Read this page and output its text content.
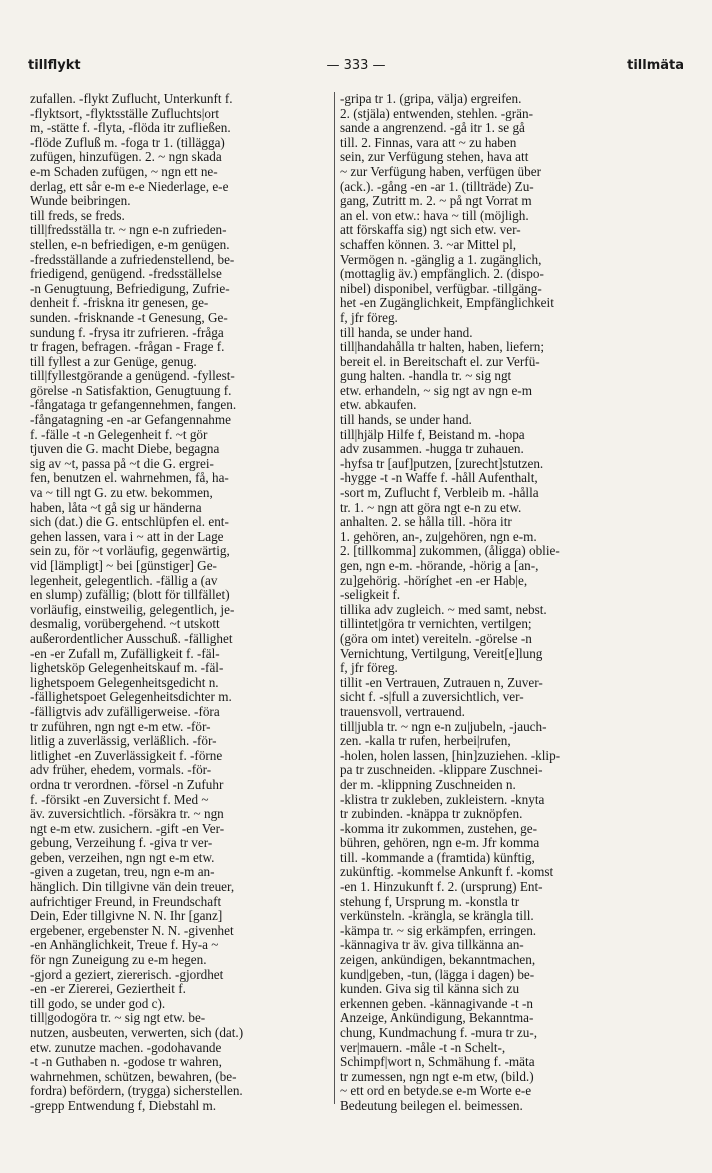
tillflykt	— 333 —	tillmäta
zufallen. -flykt Zuflucht, Unterkunft f.
-flyktsort, -flyktsställe Zufluchts|ort
m, -stätte f. -flyta, -flöda itr zufließen.
-flöde Zufluß m. -foga tr 1. (tillägga)
zufügen, hinzufügen. 2. ~ ngn skada
e-m Schaden zufügen, ~ ngn ett ne-
derlag, ett sår e-m e-e Niederlage, e-e
Wunde beibringen.
till freds, se freds.
till|fredsställa tr. ~ ngn e-n zufrieden-
stellen, e-n befriedigen, e-m genügen.
-fredsställande a zufriedenstellend, be-
friedigend, genügend. -fredsställelse
-n Genugtuung, Befriedigung, Zufrie-
denheit f. -friskna itr genesen, ge-
sunden. -frisknande -t Genesung, Ge-
sundung f. -frysa itr zufrieren. -fråga
tr fragen, befragen. -frågan - Frage f.
till fyllest a zur Genüge, genug.
till|fyllestgörande a genügend. -fyllest-
görelse -n Satisfaktion, Genugtuung f.
-fångataga tr gefangennehmen, fangen.
-fångatagning -en -ar Gefangennahme
f. -fälle -t -n Gelegenheit f. ~t gör
tjuven die G. macht Diebe, begagna
sig av ~t, passa på ~t die G. ergrei-
fen, benutzen el. wahrnehmen, få, ha-
va ~ till ngt G. zu etw. bekommen,
haben, låta ~t gå sig ur händerna
sich (dat.) die G. entschlüpfen el. ent-
gehen lassen, vara i ~ att in der Lage
sein zu, för ~t vorläufig, gegenwärtig,
vid [lämpligt] ~ bei [günstiger] Ge-
legenheit, gelegentlich. -fällig a (av
en slump) zufällig; (blott för tillfället)
vorläufig, einstweilig, gelegentlich, je-
desmalig, vorübergehend. ~t utskott
außerordentlicher Ausschuß. -fällighet
-en -er Zufall m, Zufälligkeit f. -fäl-
lighetsköp Gelegenheitskauf m. -fäl-
lighetspoem Gelegenheitsgedicht n.
-fällighetspoet Gelegenheitsdichter m.
-fälligtvis adv zufälligerweise. -föra
tr zuführen, ngn ngt e-m etw. -för-
litlig a zuverlässig, verläßlich. -för-
litlighet -en Zuverlässigkeit f. -förne
adv früher, ehedem, vormals. -för-
ordna tr verordnen. -försel -n Zufuhr
f. -försikt -en Zuversicht f. Med ~
äv. zuversichtlich. -försäkra tr. ~ ngn
ngt e-m etw. zusichern. -gift -en Ver-
gebung, Verzeihung f. -giva tr ver-
geben, verzeihen, ngn ngt e-m etw.
-given a zugetan, treu, ngn e-m an-
hänglich. Din tillgivne vän dein treuer,
aufrichtiger Freund, in Freundschaft
Dein, Eder tillgivne N. N. Ihr [ganz]
ergebener, ergebenster N. N. -givenhet
-en Anhänglichkeit, Treue f. Hy-a ~
för ngn Zuneigung zu e-m hegen.
-gjord a geziert, ziererisch. -gjordhet
-en -er Ziererei, Geziertheit f.
till godo, se under god c).
till|godogöra tr. ~ sig ngt etw. be-
nutzen, ausbeuten, verwerten, sich (dat.)
etw. zunutze machen. -godohavande
-t -n Guthaben n. -godose tr wahren,
wahrnehmen, schützen, bewahren, (be-
fordra) befördern, (trygga) sicherstellen.
-grepp Entwendung f, Diebstahl m.
-gripa tr 1. (gripa, välja) ergreifen.
2. (stjäla) entwenden, stehlen. -grän-
sande a angrenzend. -gå itr 1. se gå
till. 2. Finnas, vara att ~ zu haben
sein, zur Verfügung stehen, hava att
~ zur Verfügung haben, verfügen über
(ack.). -gång -en -ar 1. (tillträde) Zu-
gang, Zutritt m. 2. ~ på ngt Vorrat m
an el. von etw.: hava ~ till (möjligh.
att förskaffa sig) ngt sich etw. ver-
schaffen können. 3. ~ar Mittel pl,
Vermögen n. -gänglig a 1. zugänglich,
(mottaglig äv.) empfänglich. 2. (dispo-
nibel) disponibel, verfügbar. -tillgäng-
het -en Zugänglichkeit, Empfänglichkeit
f, jfr föreg.
till handa, se under hand.
till|handahålla tr halten, haben, liefern;
bereit el. in Bereitschaft el. zur Verfü-
gung halten. -handla tr. ~ sig ngt
etw. erhandeln, ~ sig ngt av ngn e-m
etw. abkaufen.
till hands, se under hand.
till|hjälp Hilfe f, Beistand m. -hopa
adv zusammen. -hugga tr zuhauen.
-hyfsa tr [auf]putzen, [zurecht]stutzen.
-hygge -t -n Waffe f. -håll Aufenthalt,
-sort m, Zuflucht f, Verbleib m. -hålla
tr. 1. ~ ngn att göra ngt e-n zu etw.
anhalten. 2. se hålla till. -höra itr
1. gehören, an-, zu|gehören, ngn e-m.
2. [tillkomma] zukommen, (åligga) oblie-
gen, ngn e-m. -hörande, -hörig a [an-,
zu]gehörig. -höríghet -en -er Hab|e,
-seligkeit f.
tillika adv zugleich. ~ med samt, nebst.
tillintet|göra tr vernichten, vertilgen;
(göra om intet) vereiteln. -görelse -n
Vernichtung, Vertilgung, Vereit[e]lung
f, jfr föreg.
tillit -en Vertrauen, Zutrauen n, Zuver-
sicht f. -s|full a zuversichtlich, ver-
trauensvoll, vertrauend.
till|jubla tr. ~ ngn e-n zu|jubeln, -jauch-
zen. -kalla tr rufen, herbei|rufen,
-holen, holen lassen, [hin]zuziehen. -klip-
pa tr zuschneiden. -klippare Zuschnei-
der m. -klippning Zuschneiden n.
-klistra tr zukleben, zukleistern. -knyta
tr zubinden. -knäppa tr zuknöpfen.
-komma itr zukommen, zustehen, ge-
bühren, gehören, ngn e-m. Jfr komma
till. -kommande a (framtida) künftig,
zukünftig. -kommelse Ankunft f. -komst
-en 1. Hinzukunft f. 2. (ursprung) Ent-
stehung f, Ursprung m. -konstla tr
verkünsteln. -krängla, se krängla till.
-kämpa tr. ~ sig erkämpfen, erringen.
-kännagiva tr äv. giva tillkänna an-
zeigen, ankündigen, bekanntmachen,
kund|geben, -tun, (lägga i dagen) be-
kunden. Giva sig til känna sich zu
erkennen geben. -kännagivande -t -n
Anzeige, Ankündigung, Bekanntma-
chung, Kundmachung f. -mura tr zu-,
ver|mauern. -måle -t -n Schelt-,
Schimpf|wort n, Schmähung f. -mäta
tr zumessen, ngn ngt e-m etw, (bild.)
~ ett ord en betyde.se e-m Worte e-e
Bedeutung beilegen el. beimessen.
